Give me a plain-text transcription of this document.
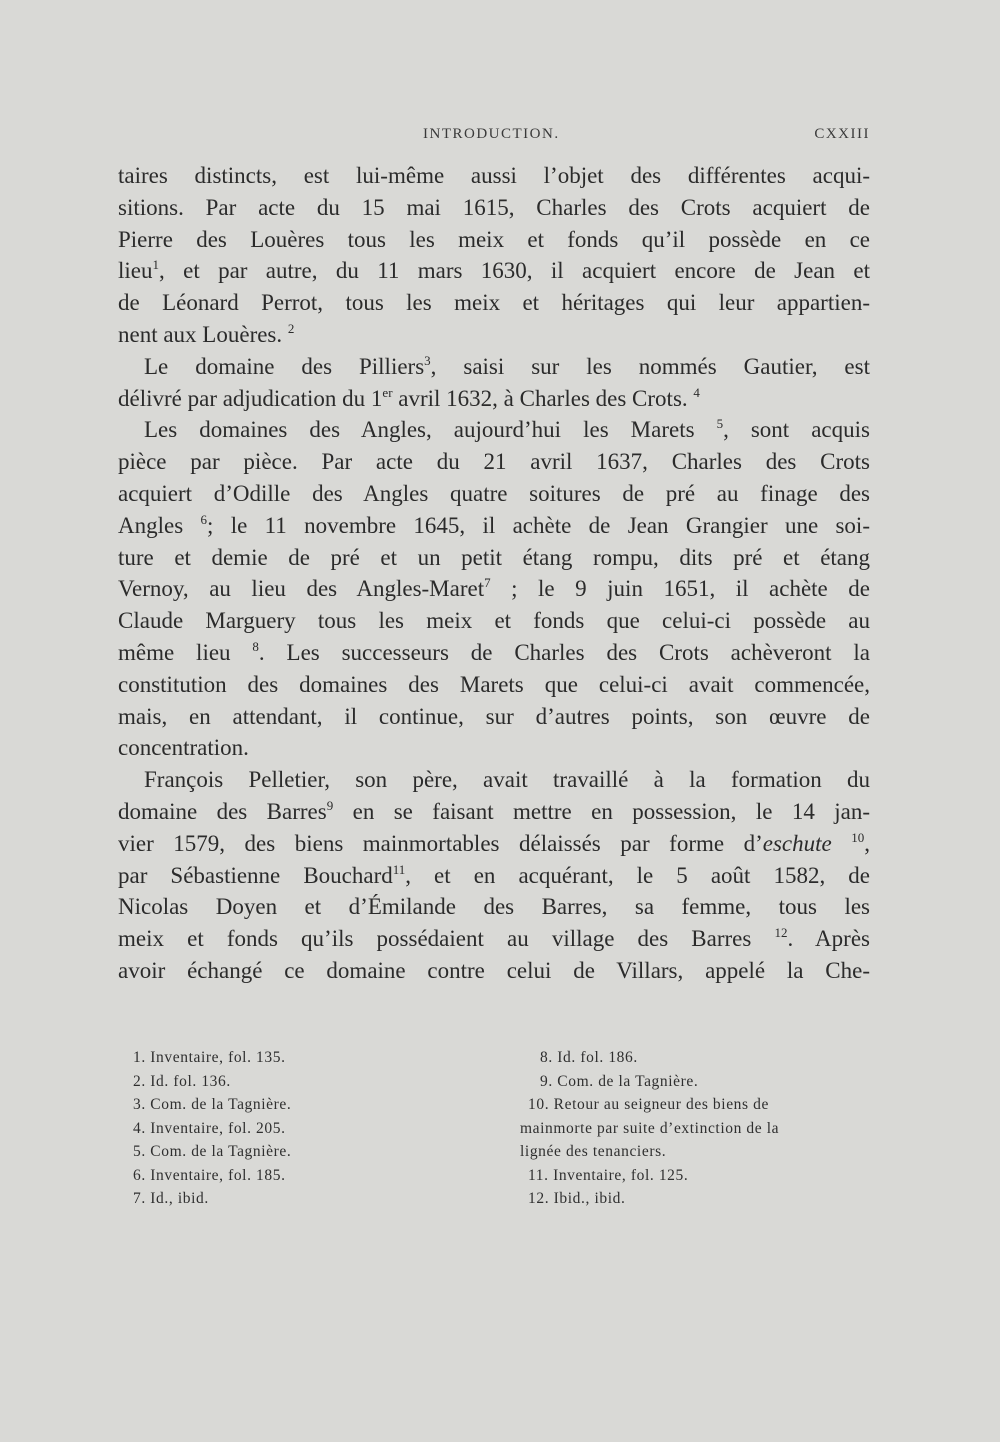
INTRODUCTION.	CXXIII
taires distincts, est lui-même aussi l’objet des différentes acqui-
sitions. Par acte du 15 mai 1615, Charles des Crots acquiert de
Pierre des Louères tous les meix et fonds qu’il possède en ce
lieu$^1$, et par autre, du 11 mars 1630, il acquiert encore de Jean et
de Léonard Perrot, tous les meix et héritages qui leur appartien-
nent aux Louères. $^2$
Le domaine des Pilliers$^3$, saisi sur les nommés Gautier, est
délivré par adjudication du 1er avril 1632, à Charles des Crots. $^4$
Les domaines des Angles, aujourd’hui les Marets $^5$, sont acquis
pièce par pièce. Par acte du 21 avril 1637, Charles des Crots
acquiert d’Odille des Angles quatre soitures de pré au finage des
Angles $^6$; le 11 novembre 1645, il achète de Jean Grangier une soi-
ture et demie de pré et un petit étang rompu, dits pré et étang
Vernoy, au lieu des Angles-Maret$^7$ ; le 9 juin 1651, il achète de
Claude Marguery tous les meix et fonds que celui-ci possède au
même lieu $^8$. Les successeurs de Charles des Crots achèveront la
constitution des domaines des Marets que celui-ci avait commencée,
mais, en attendant, il continue, sur d’autres points, son œuvre de
concentration.
François Pelletier, son père, avait travaillé à la formation du
domaine des Barres$^9$ en se faisant mettre en possession, le 14 jan-
vier 1579, des biens mainmortables délaissés par forme d’eschute $^{10}$,
par Sébastienne Bouchard$^{11}$, et en acquérant, le 5 août 1582, de
Nicolas Doyen et d’Émilande des Barres, sa femme, tous les
meix et fonds qu’ils possédaient au village des Barres $^{12}$. Après
avoir échangé ce domaine contre celui de Villars, appelé la Che-
1. Inventaire, fol. 135.
2. Id. fol. 136.
3. Com. de la Tagnière.
4. Inventaire, fol. 205.
5. Com. de la Tagnière.
6. Inventaire, fol. 185.
7. Id., ibid.
8. Id. fol. 186.
9. Com. de la Tagnière.
10. Retour au seigneur des biens de
mainmorte par suite d’extinction de la
lignée des tenanciers.
11. Inventaire, fol. 125.
12. Ibid., ibid.
